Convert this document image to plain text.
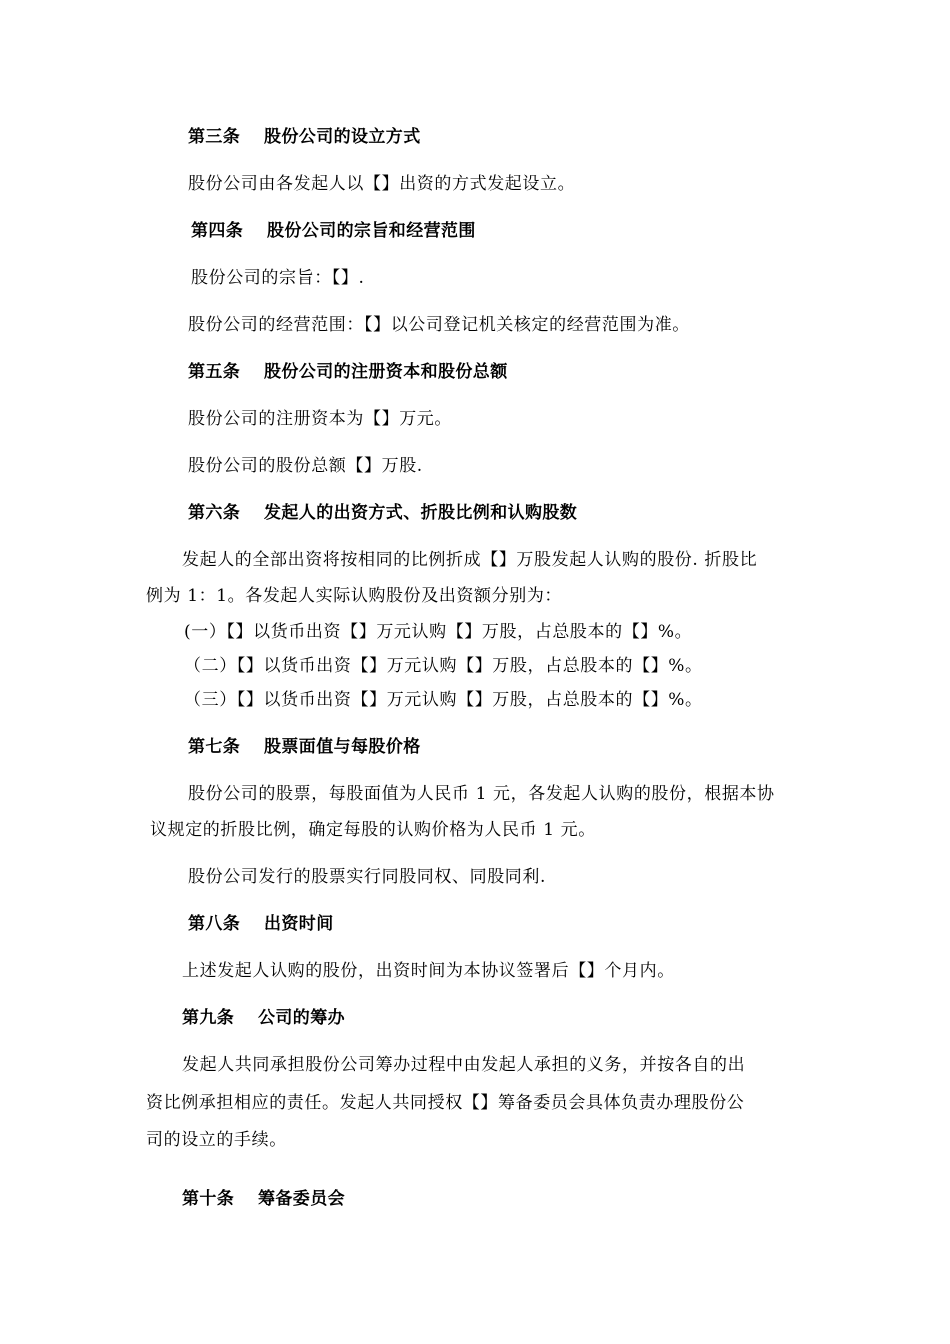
第三条 股份公司的设立方式
股份公司由各发起人以【】出资的方式发起设立。
第四条 股份公司的宗旨和经营范围
股份公司的宗旨：【】.
股份公司的经营范围：【】以公司登记机关核定的经营范围为准。
第五条 股份公司的注册资本和股份总额
股份公司的注册资本为【】万元。
股份公司的股份总额【】万股.
第六条 发起人的出资方式、折股比例和认购股数
发起人的全部出资将按相同的比例折成【】万股发起人认购的股份. 折股比
例为 1：1。各发起人实际认购股份及出资额分别为：
(一）【】以货币出资【】万元认购【】万股，占总股本的【】%。
（二）【】以货币出资【】万元认购【】万股，占总股本的【】%。
（三）【】以货币出资【】万元认购【】万股，占总股本的【】%。
第七条 股票面值与每股价格
股份公司的股票，每股面值为人民币 1 元，各发起人认购的股份，根据本协
议规定的折股比例，确定每股的认购价格为人民币 1 元。
股份公司发行的股票实行同股同权、同股同利.
第八条 出资时间
上述发起人认购的股份，出资时间为本协议签署后【】个月内。
第九条 公司的筹办
发起人共同承担股份公司筹办过程中由发起人承担的义务，并按各自的出
资比例承担相应的责任。发起人共同授权【】筹备委员会具体负责办理股份公
司的设立的手续。
第十条 筹备委员会
